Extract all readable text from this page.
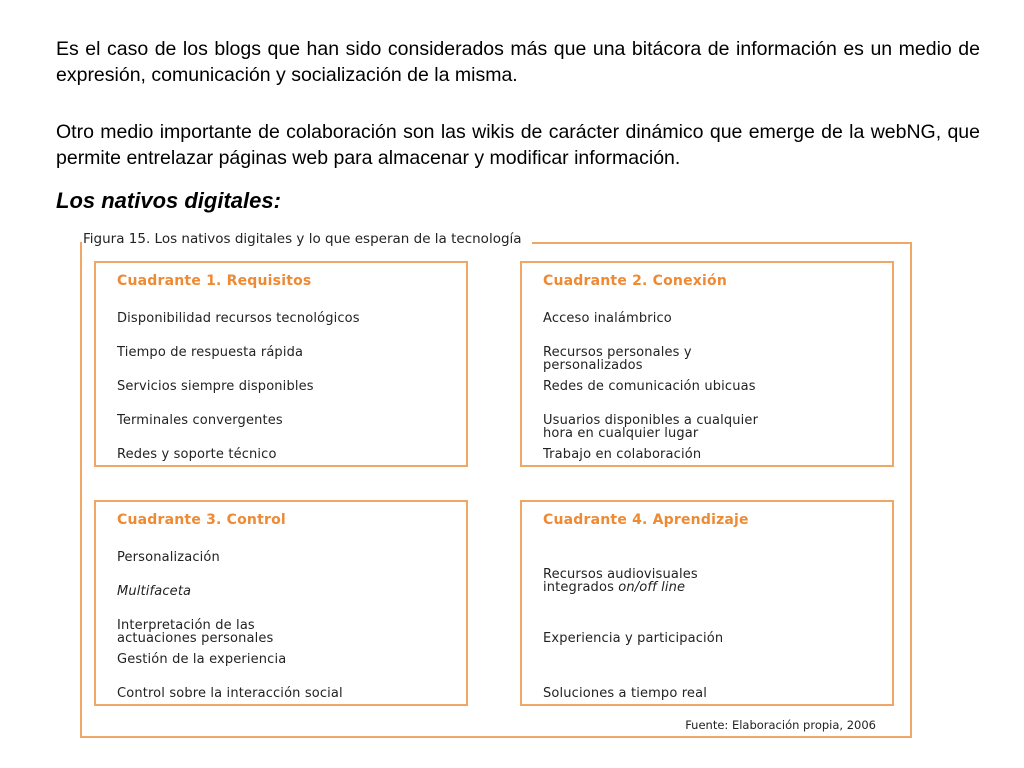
Es el caso de los blogs que han sido considerados más que una bitácora de información es un medio de expresión, comunicación y socialización de la misma.

Otro medio importante de colaboración son las wikis de carácter dinámico que emerge de la webNG, que permite entrelazar páginas web para almacenar y modificar información.

Los nativos digitales:
Figura 15. Los nativos digitales y lo que esperan de la tecnología
Cuadrante 1. Requisitos
Disponibilidad recursos tecnológicos
Tiempo de respuesta rápida
Servicios siempre disponibles
Terminales convergentes
Redes y soporte técnico
Cuadrante 2. Conexión
Acceso inalámbrico
Recursos personales y
personalizados
Redes de comunicación ubicuas
Usuarios disponibles a cualquier
hora en cualquier lugar
Trabajo en colaboración
Cuadrante 3. Control
Personalización
Multifaceta
Interpretación de las
actuaciones personales
Gestión de la experiencia
Control sobre la interacción social
Cuadrante 4. Aprendizaje
Recursos audiovisuales
integrados on/off line
Experiencia y participación
Soluciones a tiempo real
Fuente: Elaboración propia, 2006
